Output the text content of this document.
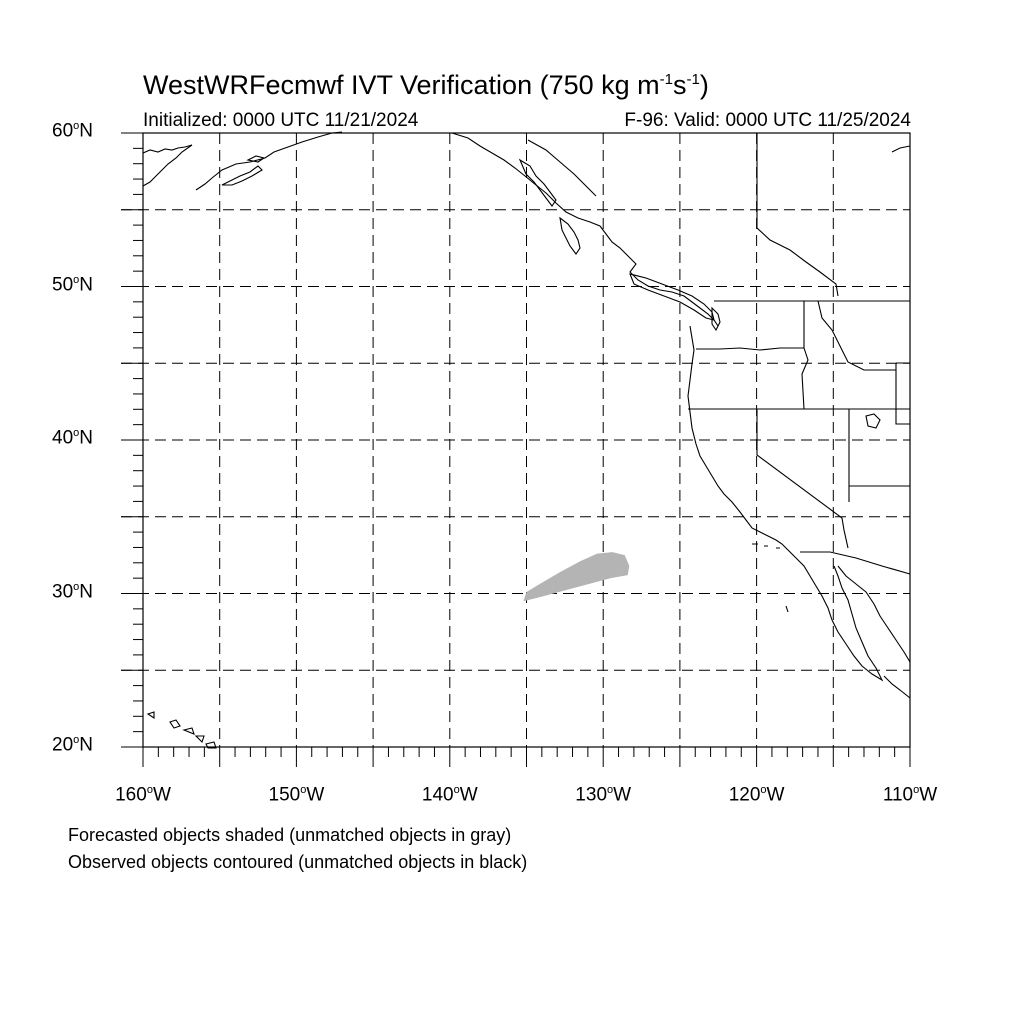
WestWRFecmwf IVT Verification (750 kg $m^{-1}s^{-1}$)
Initialized: 0000 UTC 11/21/2024	F-96: Valid: 0000 UTC 11/25/2024
60$^o$N
50$^o$N
40$^o$N
30$^o$N
20$^o$N
160$^o$W	150$^o$W	140$^o$W	130$^o$W	120$^o$W	110$^o$W
Forecasted objects shaded (unmatched objects in gray)
Observed objects contoured (unmatched objects in black)
